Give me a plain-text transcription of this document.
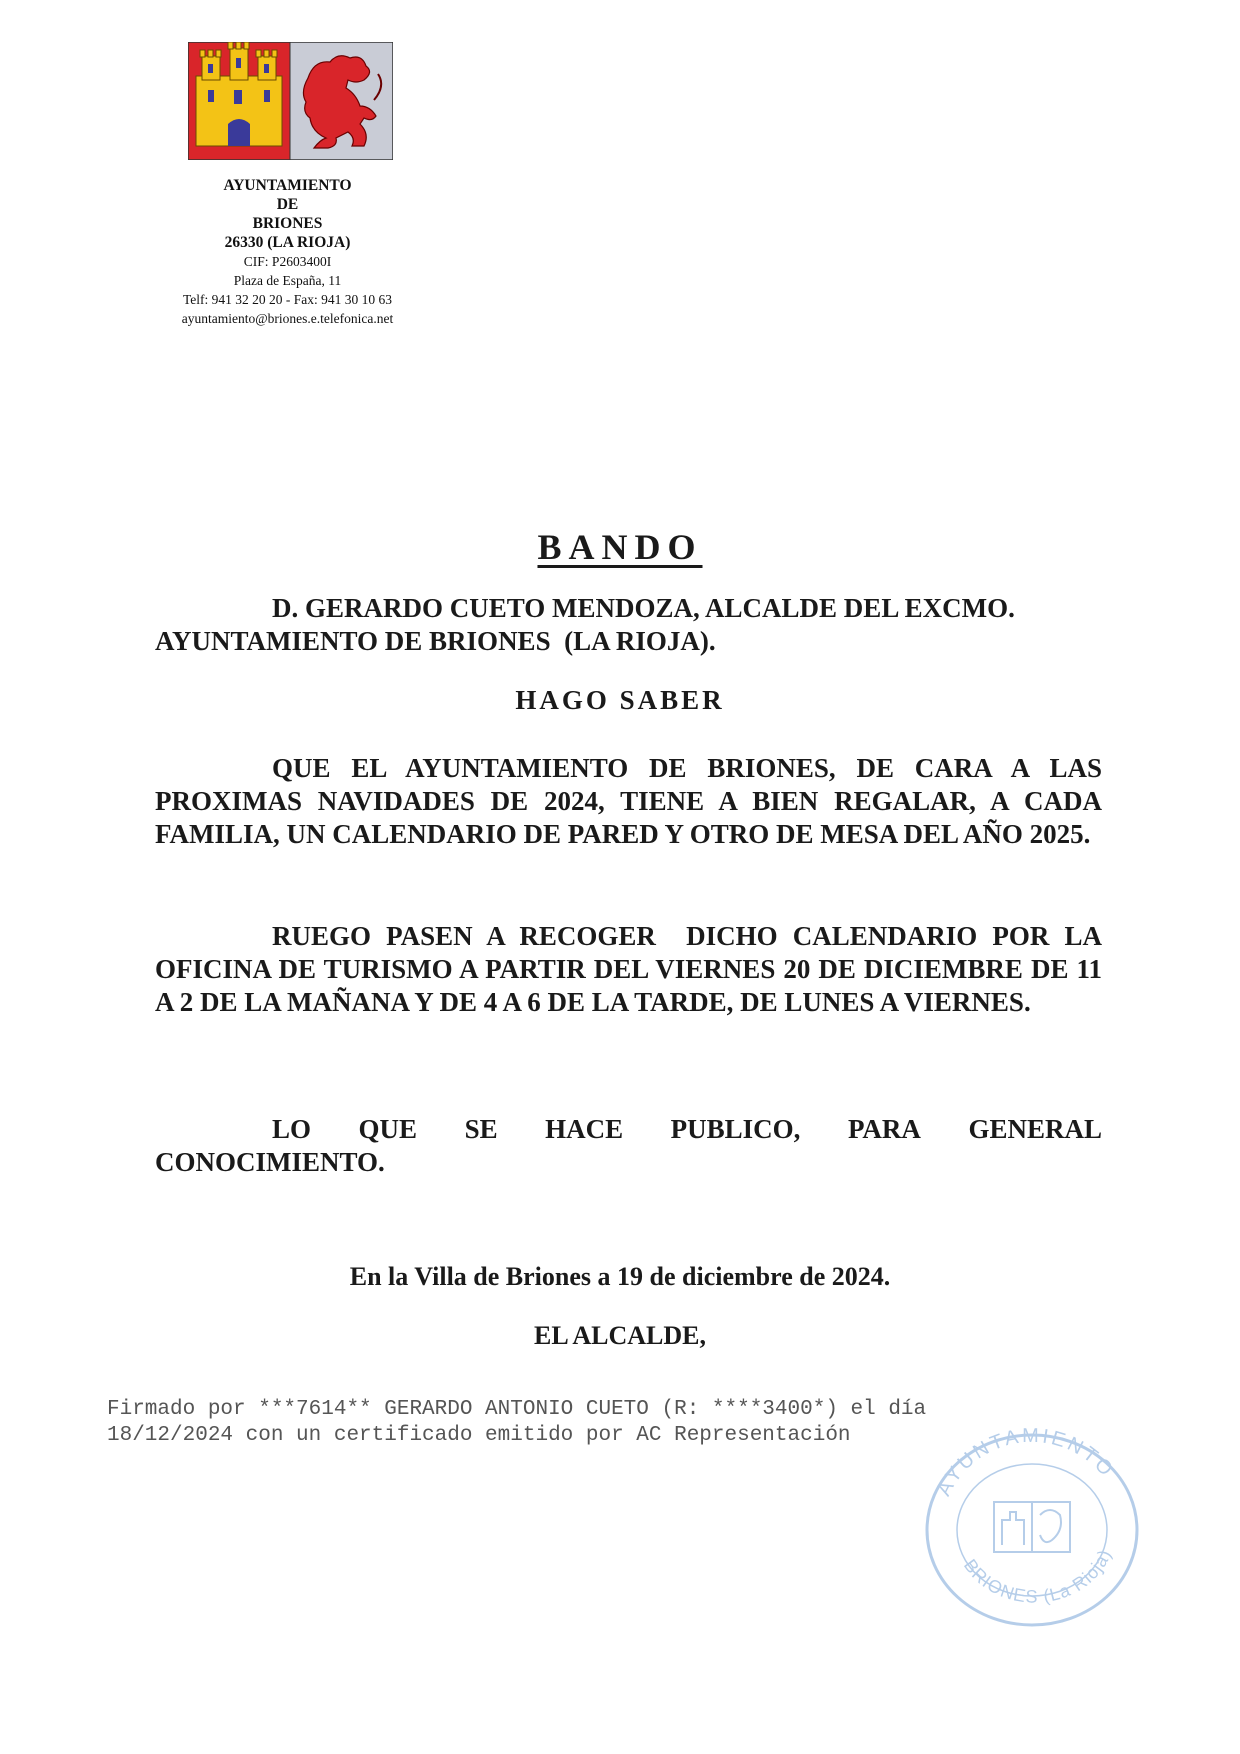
AYUNTAMIENTO
DE
BRIONES
26330 (LA RIOJA)
CIF: P2603400I
Plaza de España, 11
Telf: 941 32 20 20 - Fax: 941 30 10 63
ayuntamiento@briones.e.telefonica.net
BANDO
D. GERARDO CUETO MENDOZA, ALCALDE DEL EXCMO.
AYUNTAMIENTO DE BRIONES  (LA RIOJA).
HAGO SABER

QUE EL AYUNTAMIENTO DE BRIONES, DE CARA A LAS PROXIMAS NAVIDADES DE 2024, TIENE A BIEN REGALAR, A CADA FAMILIA, UN CALENDARIO DE PARED Y OTRO DE MESA DEL AÑO 2025.

RUEGO PASEN A RECOGER  DICHO CALENDARIO POR LA OFICINA DE TURISMO A PARTIR DEL VIERNES 20 DE DICIEMBRE DE 11 A 2 DE LA MAÑANA Y DE 4 A 6 DE LA TARDE, DE LUNES A VIERNES.

LO QUE SE HACE PUBLICO, PARA GENERAL
CONOCIMIENTO.
En la Villa de Briones a 19 de diciembre de 2024.
EL ALCALDE,
Firmado por ***7614** GERARDO ANTONIO CUETO (R: ****3400*) el día
18/12/2024 con un certificado emitido por AC Representación
AYUNTAMIENTO
BRIONES (La Rioja)
